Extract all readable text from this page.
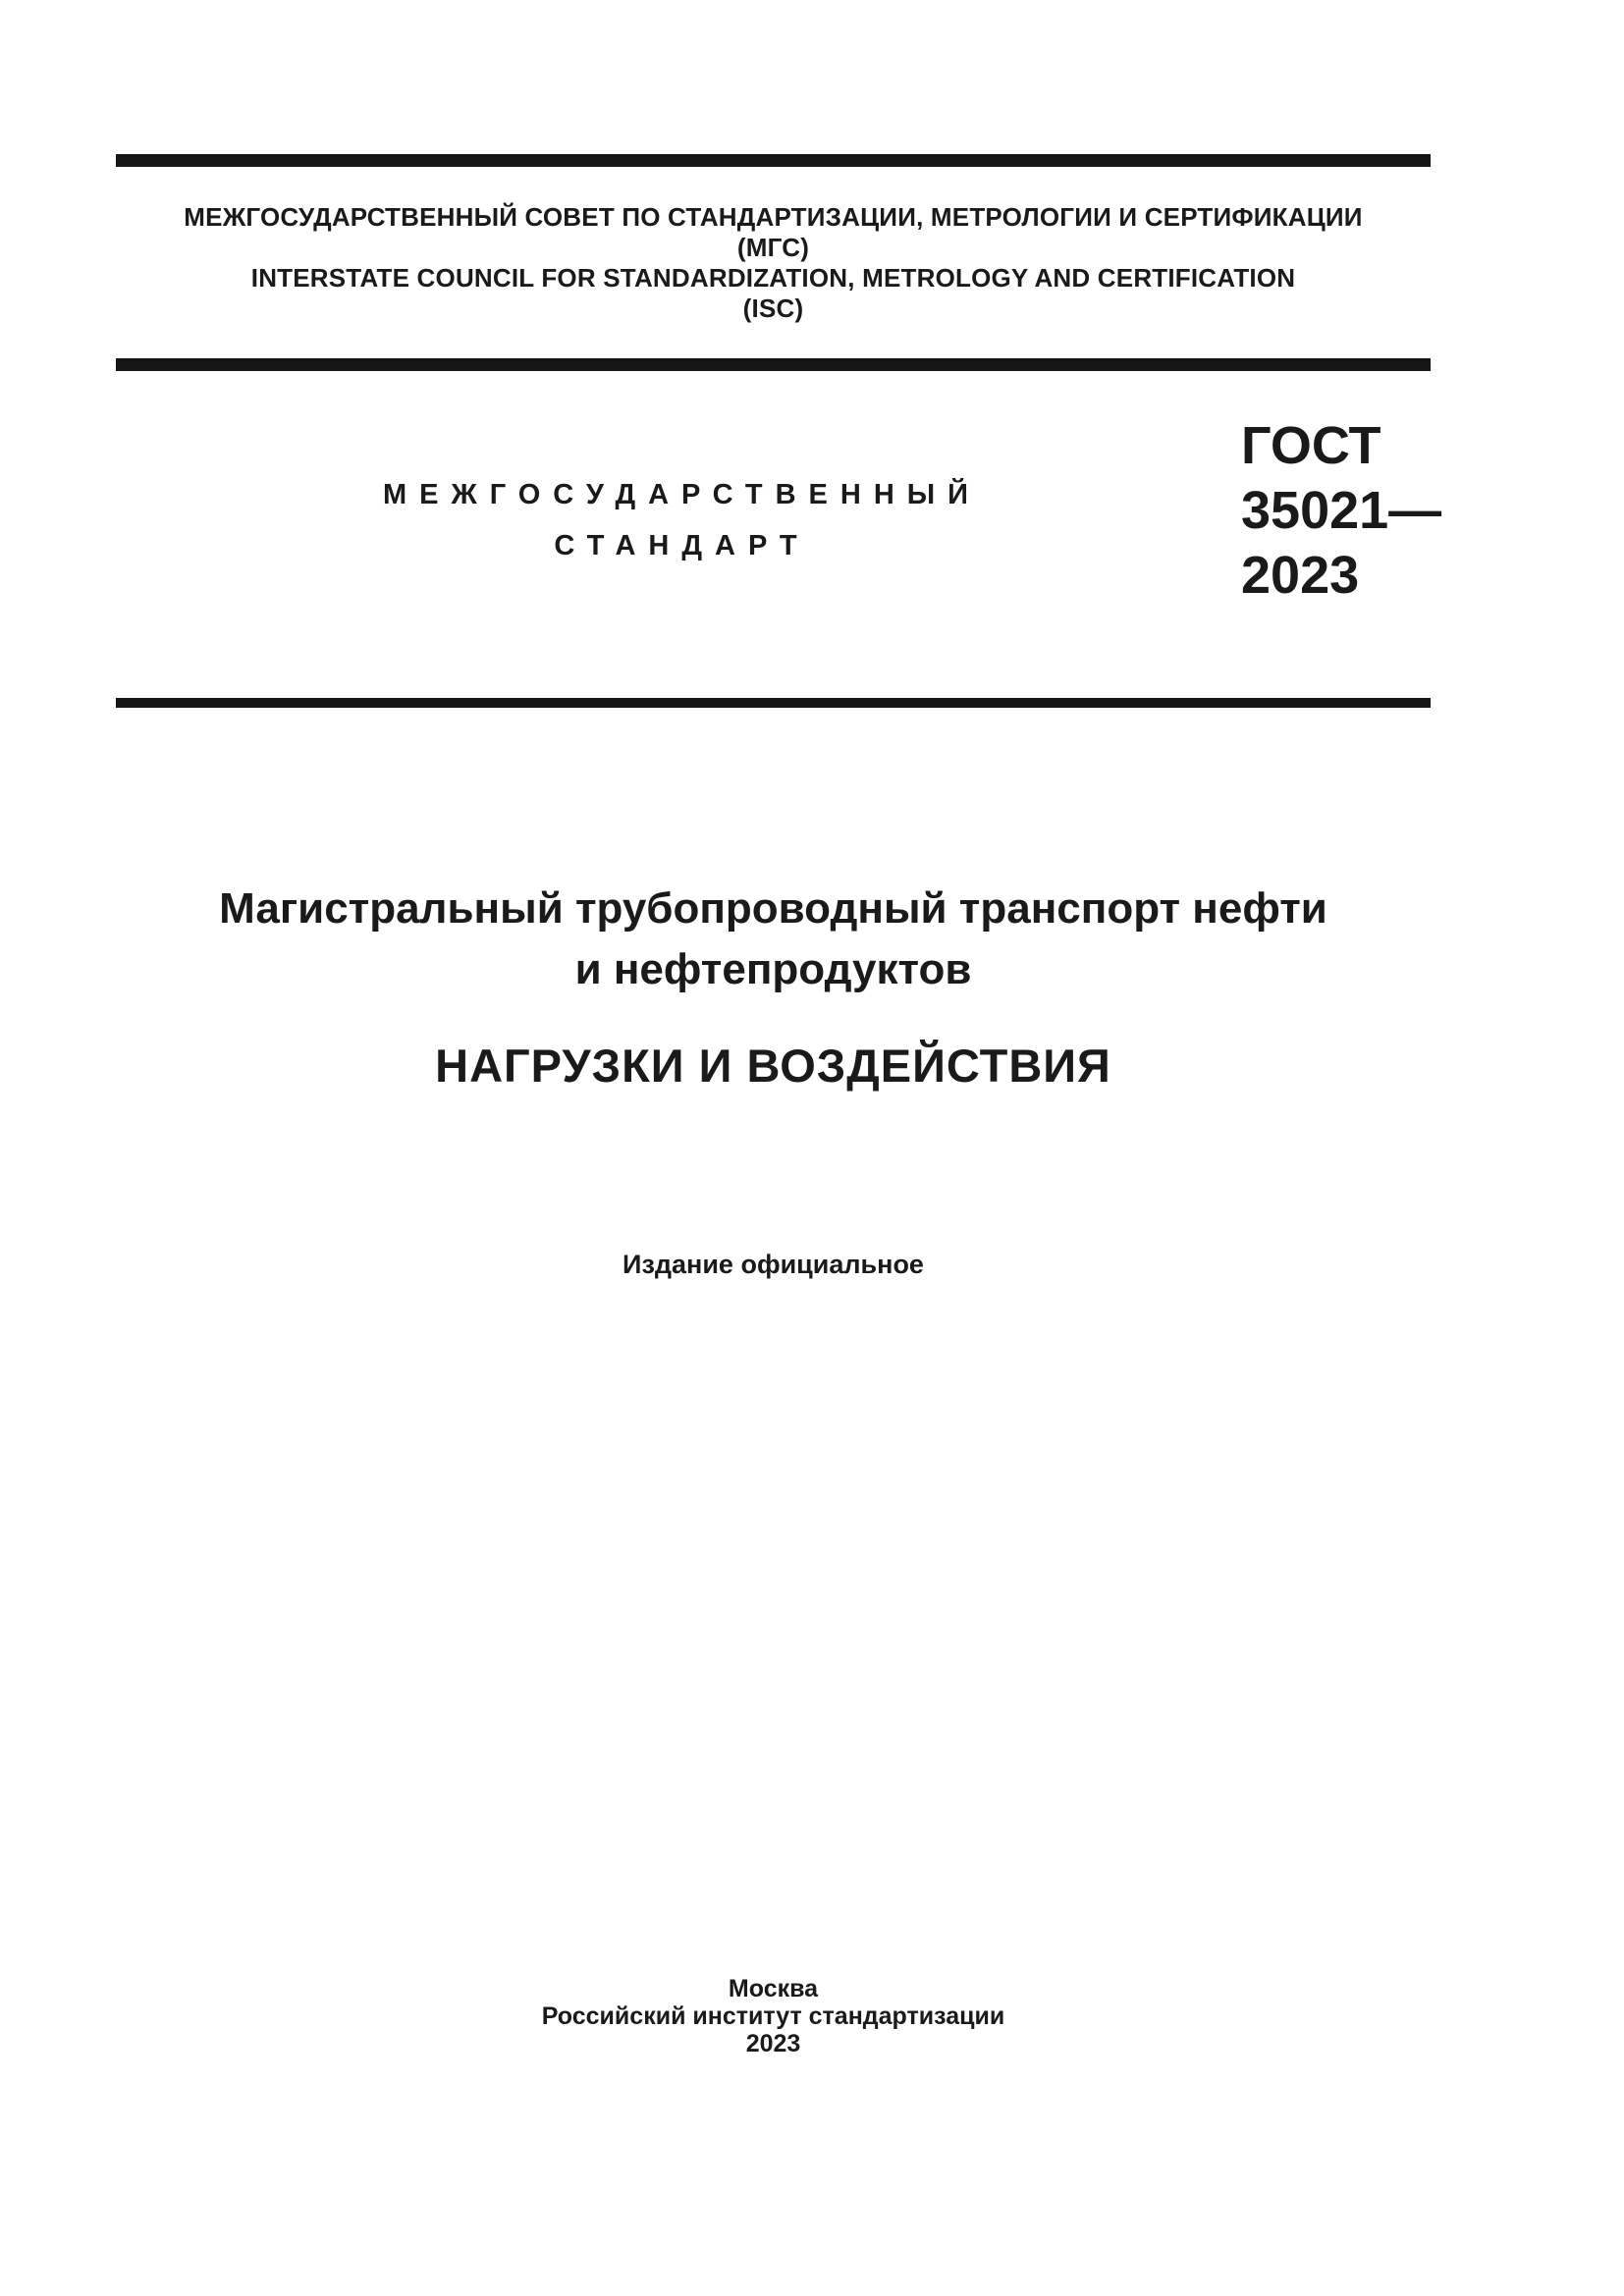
МЕЖГОСУДАРСТВЕННЫЙ СОВЕТ ПО СТАНДАРТИЗАЦИИ, МЕТРОЛОГИИ И СЕРТИФИКАЦИИ
(МГС)
INTERSTATE COUNCIL FOR STANDARDIZATION, METROLOGY AND CERTIFICATION
(ISC)
МЕЖГОСУДАРСТВЕННЫЙ
СТАНДАРТ
ГОСТ
35021—
2023
Магистральный трубопроводный транспорт нефти
и нефтепродуктов
НАГРУЗКИ И ВОЗДЕЙСТВИЯ

Издание официальное

Москва
Российский институт стандартизации
2023
